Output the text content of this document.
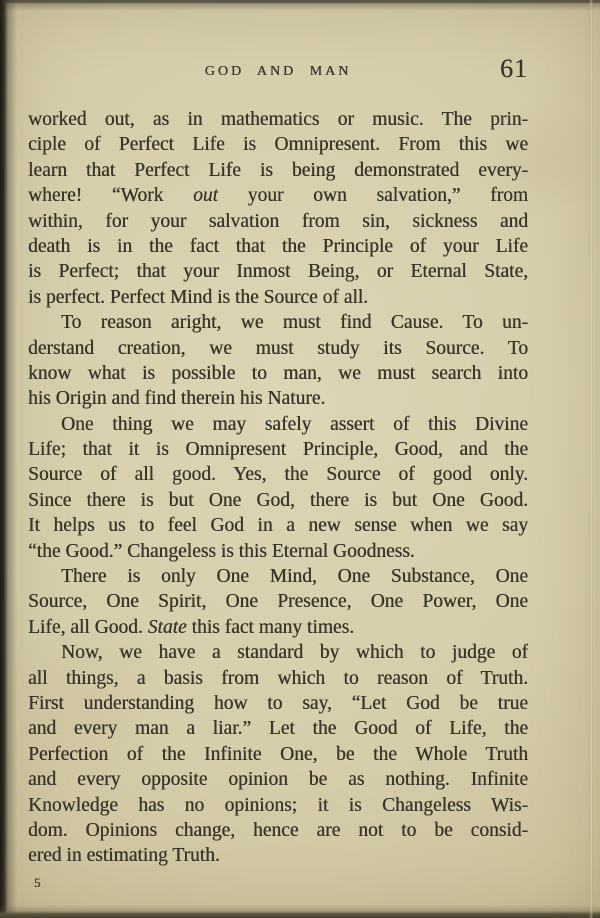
GOD AND MAN	61
worked out, as in mathematics or music. The prin-
ciple of Perfect Life is Omnipresent. From this we
learn that Perfect Life is being demonstrated every-
where! “Work out your own salvation,” from
within, for your salvation from sin, sickness and
death is in the fact that the Principle of your Life
is Perfect; that your Inmost Being, or Eternal State,
is perfect. Perfect Mind is the Source of all.
To reason aright, we must find Cause. To un-
derstand creation, we must study its Source. To
know what is possible to man, we must search into
his Origin and find therein his Nature.
One thing we may safely assert of this Divine
Life; that it is Omnipresent Principle, Good, and the
Source of all good. Yes, the Source of good only.
Since there is but One God, there is but One Good.
It helps us to feel God in a new sense when we say
“the Good.” Changeless is this Eternal Goodness.
There is only One Mind, One Substance, One
Source, One Spirit, One Presence, One Power, One
Life, all Good. State this fact many times.
Now, we have a standard by which to judge of
all things, a basis from which to reason of Truth.
First understanding how to say, “Let God be true
and every man a liar.” Let the Good of Life, the
Perfection of the Infinite One, be the Whole Truth
and every opposite opinion be as nothing. Infinite
Knowledge has no opinions; it is Changeless Wis-
dom. Opinions change, hence are not to be consid-
ered in estimating Truth.
5
